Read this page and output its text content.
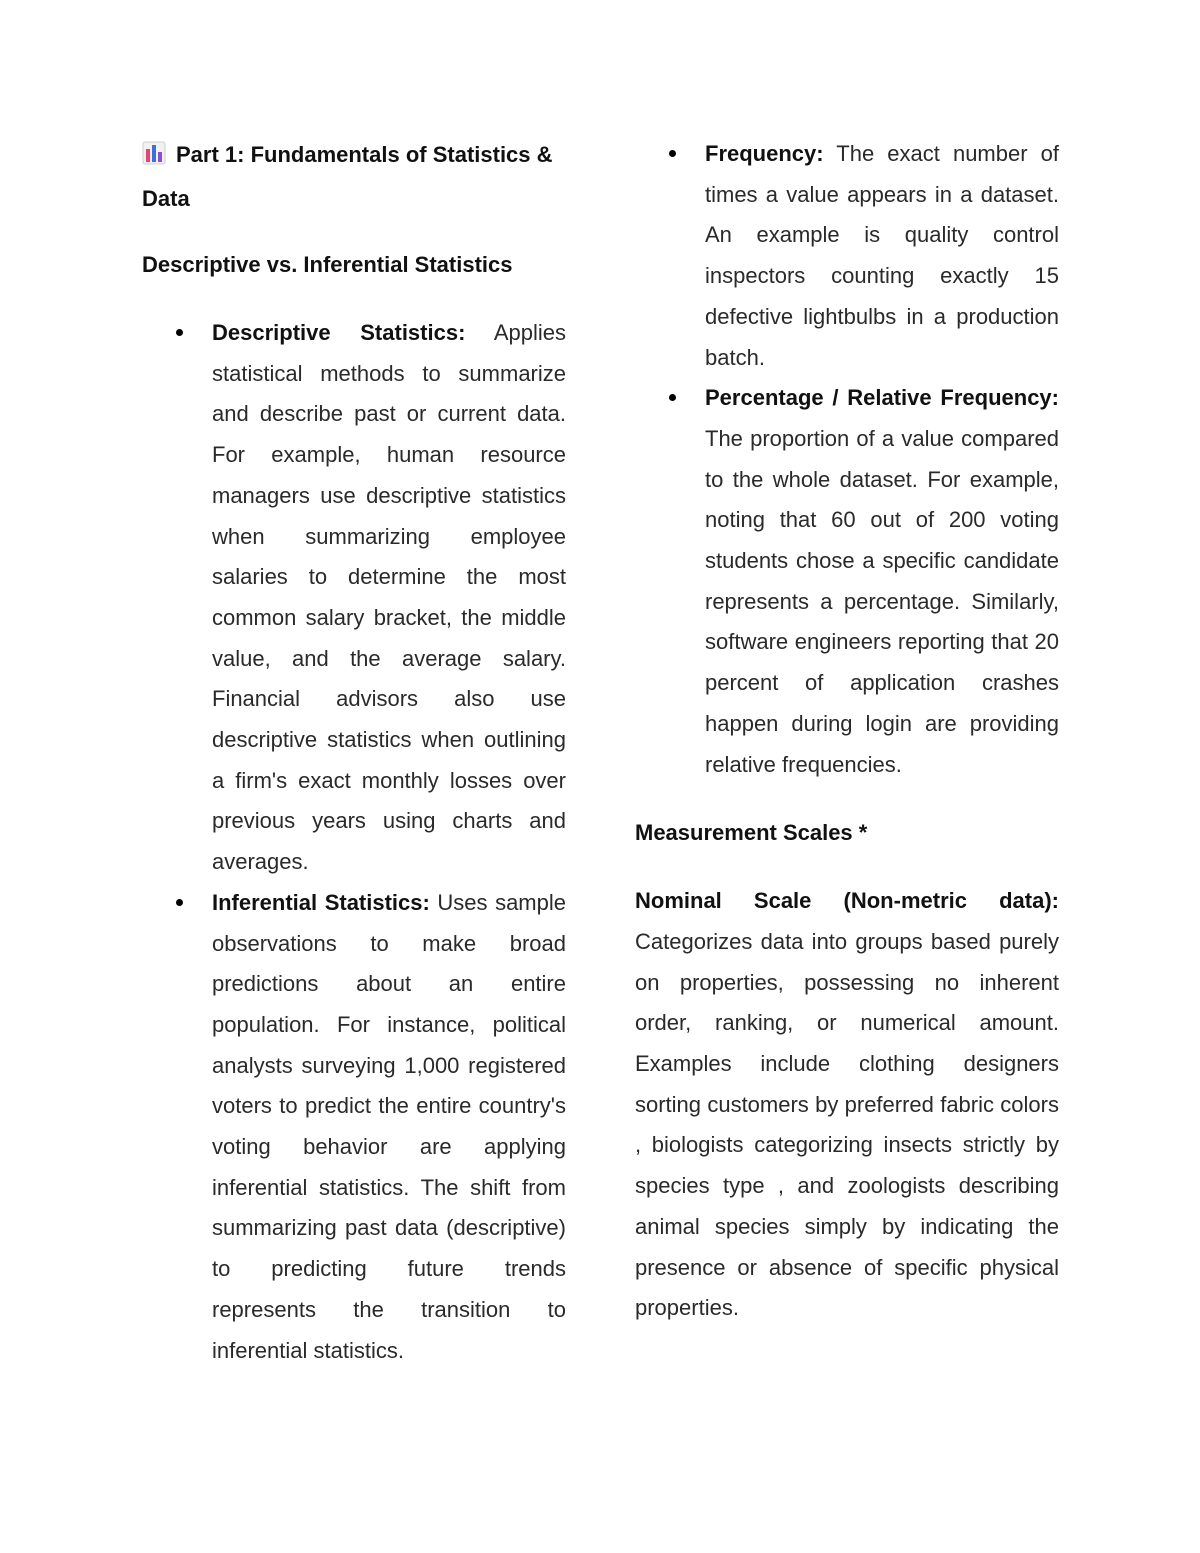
Part 1: Fundamentals of Statistics & Data
Descriptive vs. Inferential Statistics
Descriptive Statistics: Applies statistical methods to summarize and describe past or current data. For example, human resource managers use descriptive statistics when summarizing employee salaries to determine the most common salary bracket, the middle value, and the average salary. Financial advisors also use descriptive statistics when outlining a firm's exact monthly losses over previous years using charts and averages.
Inferential Statistics: Uses sample observations to make broad predictions about an entire population. For instance, political analysts surveying 1,000 registered voters to predict the entire country's voting behavior are applying inferential statistics. The shift from summarizing past data (descriptive) to predicting future trends represents the transition to inferential statistics.
Frequency: The exact number of times a value appears in a dataset. An example is quality control inspectors counting exactly 15 defective lightbulbs in a production batch.
Percentage / Relative Frequency: The proportion of a value compared to the whole dataset. For example, noting that 60 out of 200 voting students chose a specific candidate represents a percentage. Similarly, software engineers reporting that 20 percent of application crashes happen during login are providing relative frequencies.
Measurement Scales *

Nominal Scale (Non-metric data): Categorizes data into groups based purely on properties, possessing no inherent order, ranking, or numerical amount. Examples include clothing designers sorting customers by preferred fabric colors , biologists categorizing insects strictly by species type , and zoologists describing animal species simply by indicating the presence or absence of specific physical properties.
